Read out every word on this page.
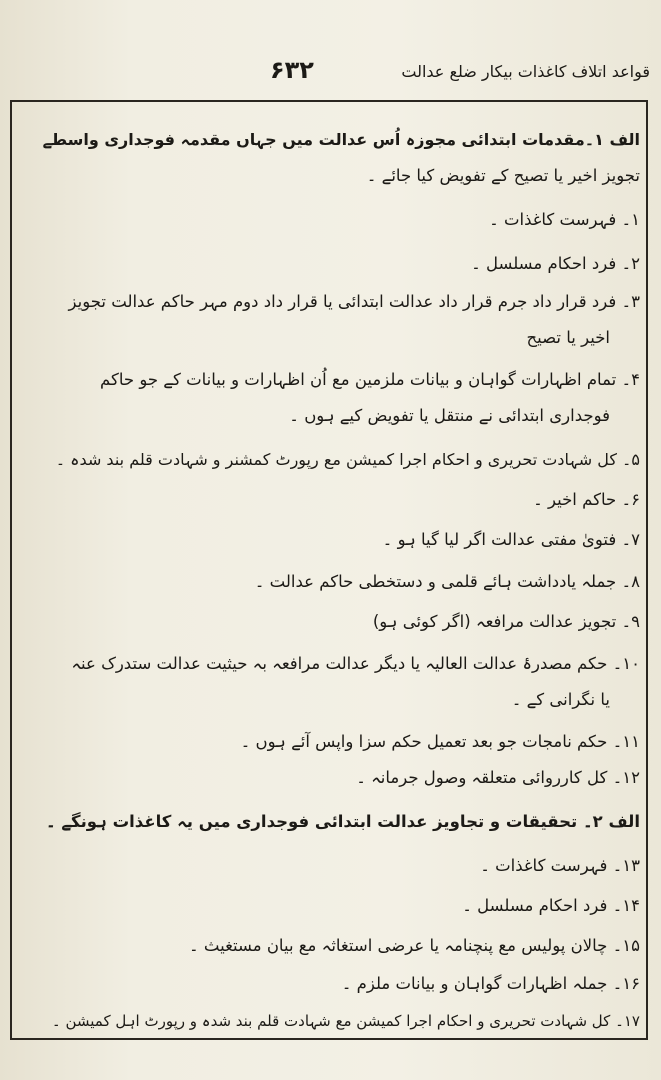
قواعد اتلاف کاغذات بیکار ضلع عدالت
۶۳۲
الف ۱۔مقدمات ابتدائی مجوزہ اُس عدالت میں جہاں مقدمہ فوجداری واسطے
تجویز اخیر یا تصیح کے تفویض کیا جائے ۔
۱۔ فہرست کاغذات ۔
۲۔ فرد احکام مسلسل ۔
۳۔ فرد قرار داد جرم قرار داد عدالت ابتدائی یا قرار داد دوم مہر حاکم عدالت تجویز
اخیر یا تصیح
۴۔ تمام اظہارات گواہان و بیانات ملزمین مع اُن اظہارات و بیانات کے جو حاکم
فوجداری ابتدائی نے منتقل یا تفویض کیے ہوں ۔
۵۔ کل شہادت تحریری و احکام اجرا کمیشن مع رپورٹ کمشنر و شہادت قلم بند شدہ ۔
۶۔ حاکم اخیر ۔
۷۔ فتویٰ مفتی عدالت اگر لیا گیا ہو ۔
۸۔ جملہ یادداشت ہائے قلمی و دستخطی حاکم عدالت ۔
۹۔ تجویز عدالت مرافعہ (اگر کوئی ہو)
۱۰۔ حکم مصدرۂ عدالت العالیہ یا دیگر عدالت مرافعہ بہ حیثیت عدالت ستدرک عنہ
یا نگرانی کے ۔
۱۱۔ حکم نامجات جو بعد تعمیل حکم سزا واپس آئے ہوں ۔
۱۲۔ کل کارروائی متعلقہ وصول جرمانہ ۔
الف ۲۔ تحقیقات و تجاویز عدالت ابتدائی فوجداری میں یہ کاغذات ہونگے ۔
۱۳۔ فہرست کاغذات ۔
۱۴۔ فرد احکام مسلسل ۔
۱۵۔ چالان پولیس مع پنچنامہ یا عرضی استغاثہ مع بیان مستغیث ۔
۱۶۔ جملہ اظہارات گواہان و بیانات ملزم ۔
۱۷۔ کل شہادت تحریری و احکام اجرا کمیشن مع شہادت قلم بند شدہ و رپورٹ اہل کمیشن ۔
